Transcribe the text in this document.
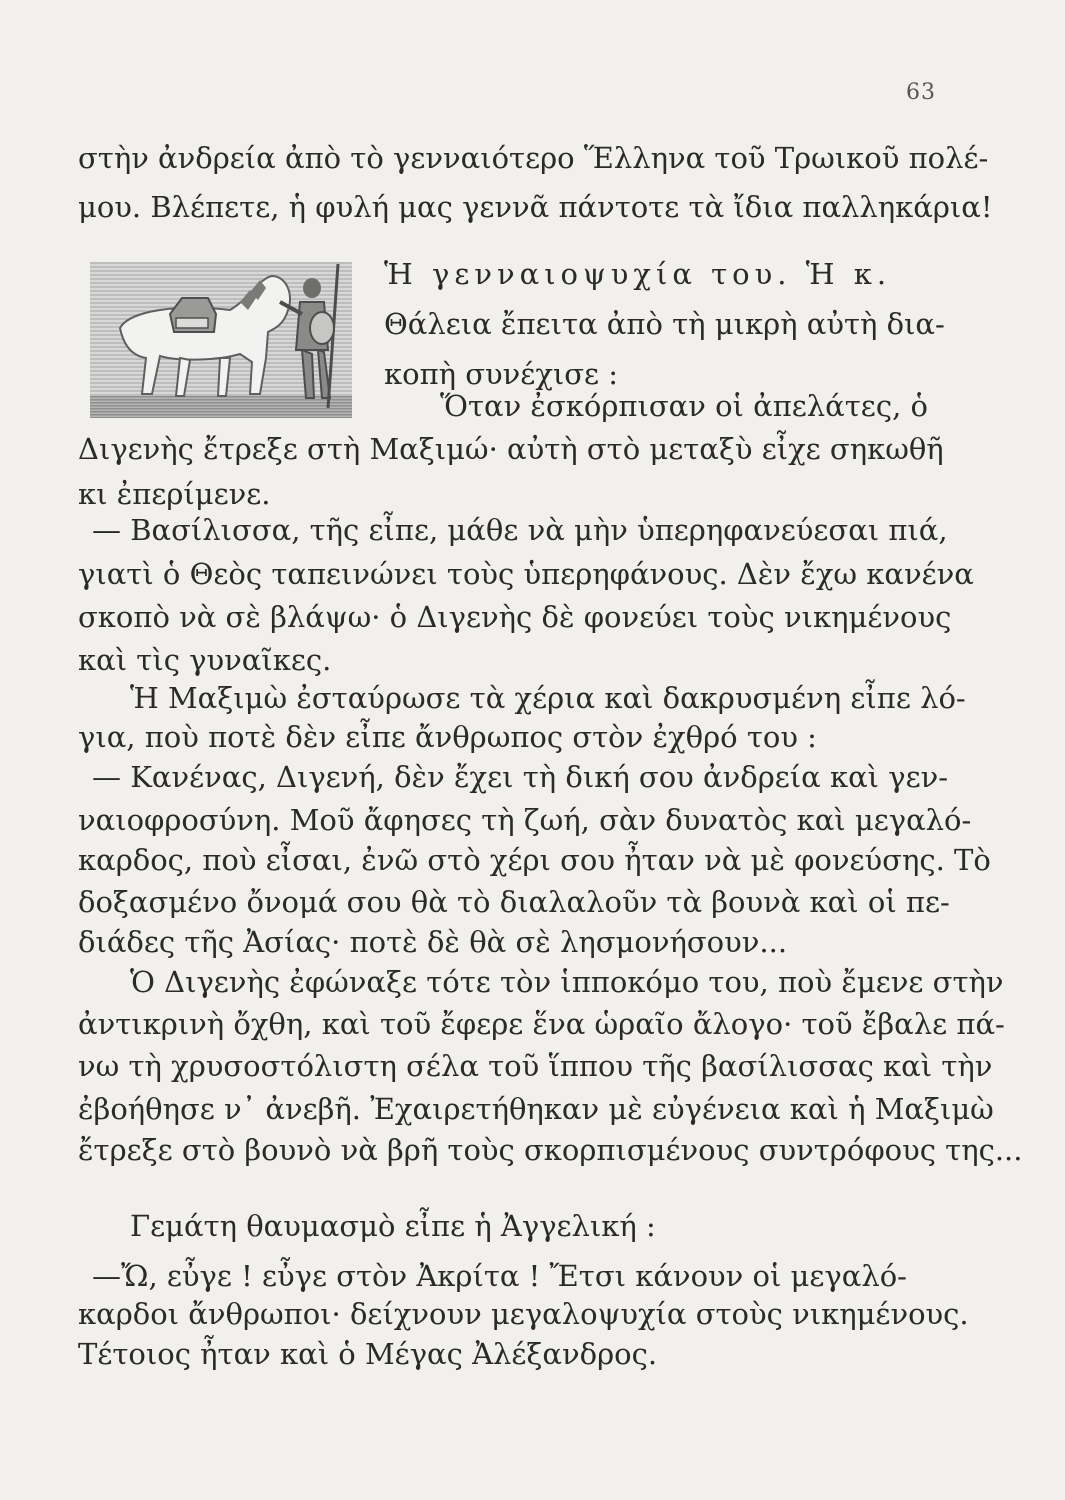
63
στὴν ἀνδρεία ἀπὸ τὸ γενναιότερο Ἕλληνα τοῦ Τρωικοῦ πολέ-
μου. Βλέπετε, ἡ φυλή μας γεννᾶ πάντοτε τὰ ἴδια παλληκάρια!
Ἡ γενναιοψυχία του. Ἡ κ.
Θάλεια ἔπειτα ἀπὸ τὴ μικρὴ αὐτὴ δια-
κοπὴ συνέχισε :
Ὅταν ἐσκόρπισαν οἱ ἀπελάτες, ὁ
Διγενὴς ἔτρεξε στὴ Μαξιμώ· αὐτὴ στὸ μεταξὺ εἶχε σηκωθῆ
κι ἐπερίμενε.
— Βασίλισσα, τῆς εἶπε, μάθε νὰ μὴν ὑπερηφανεύεσαι πιά,
γιατὶ ὁ Θεὸς ταπεινώνει τοὺς ὑπερηφάνους. Δὲν ἔχω κανένα
σκοπὸ νὰ σὲ βλάψω· ὁ Διγενὴς δὲ φονεύει τοὺς νικημένους
καὶ τὶς γυναῖκες.
Ἡ Μαξιμὼ ἐσταύρωσε τὰ χέρια καὶ δακρυσμένη εἶπε λό-
για, ποὺ ποτὲ δὲν εἶπε ἄνθρωπος στὸν ἐχθρό του :
— Κανένας, Διγενή, δὲν ἔχει τὴ δική σου ἀνδρεία καὶ γεν-
ναιοφροσύνη. Μοῦ ἄφησες τὴ ζωή, σὰν δυνατὸς καὶ μεγαλό-
καρδος, ποὺ εἶσαι, ἐνῶ στὸ χέρι σου ἦταν νὰ μὲ φονεύσης. Τὸ
δοξασμένο ὄνομά σου θὰ τὸ διαλαλοῦν τὰ βουνὰ καὶ οἱ πε-
διάδες τῆς Ἀσίας· ποτὲ δὲ θὰ σὲ λησμονήσουν...
Ὁ Διγενὴς ἐφώναξε τότε τὸν ἱπποκόμο του, ποὺ ἔμενε στὴν
ἀντικρινὴ ὄχθη, καὶ τοῦ ἔφερε ἕνα ὡραῖο ἄλογο· τοῦ ἔβαλε πά-
νω τὴ χρυσοστόλιστη σέλα τοῦ ἵππου τῆς βασίλισσας καὶ τὴν
ἐβοήθησε ν᾿ ἀνεβῆ. Ἐχαιρετήθηκαν μὲ εὐγένεια καὶ ἡ Μαξιμὼ
ἔτρεξε στὸ βουνὸ νὰ βρῆ τοὺς σκορπισμένους συντρόφους της...
Γεμάτη θαυμασμὸ εἶπε ἡ Ἀγγελική :
—Ὤ, εὖγε ! εὖγε στὸν Ἀκρίτα ! Ἔτσι κάνουν οἱ μεγαλό-
καρδοι ἄνθρωποι· δείχνουν μεγαλοψυχία στοὺς νικημένους.
Τέτοιος ἦταν καὶ ὁ Μέγας Ἀλέξανδρος.
